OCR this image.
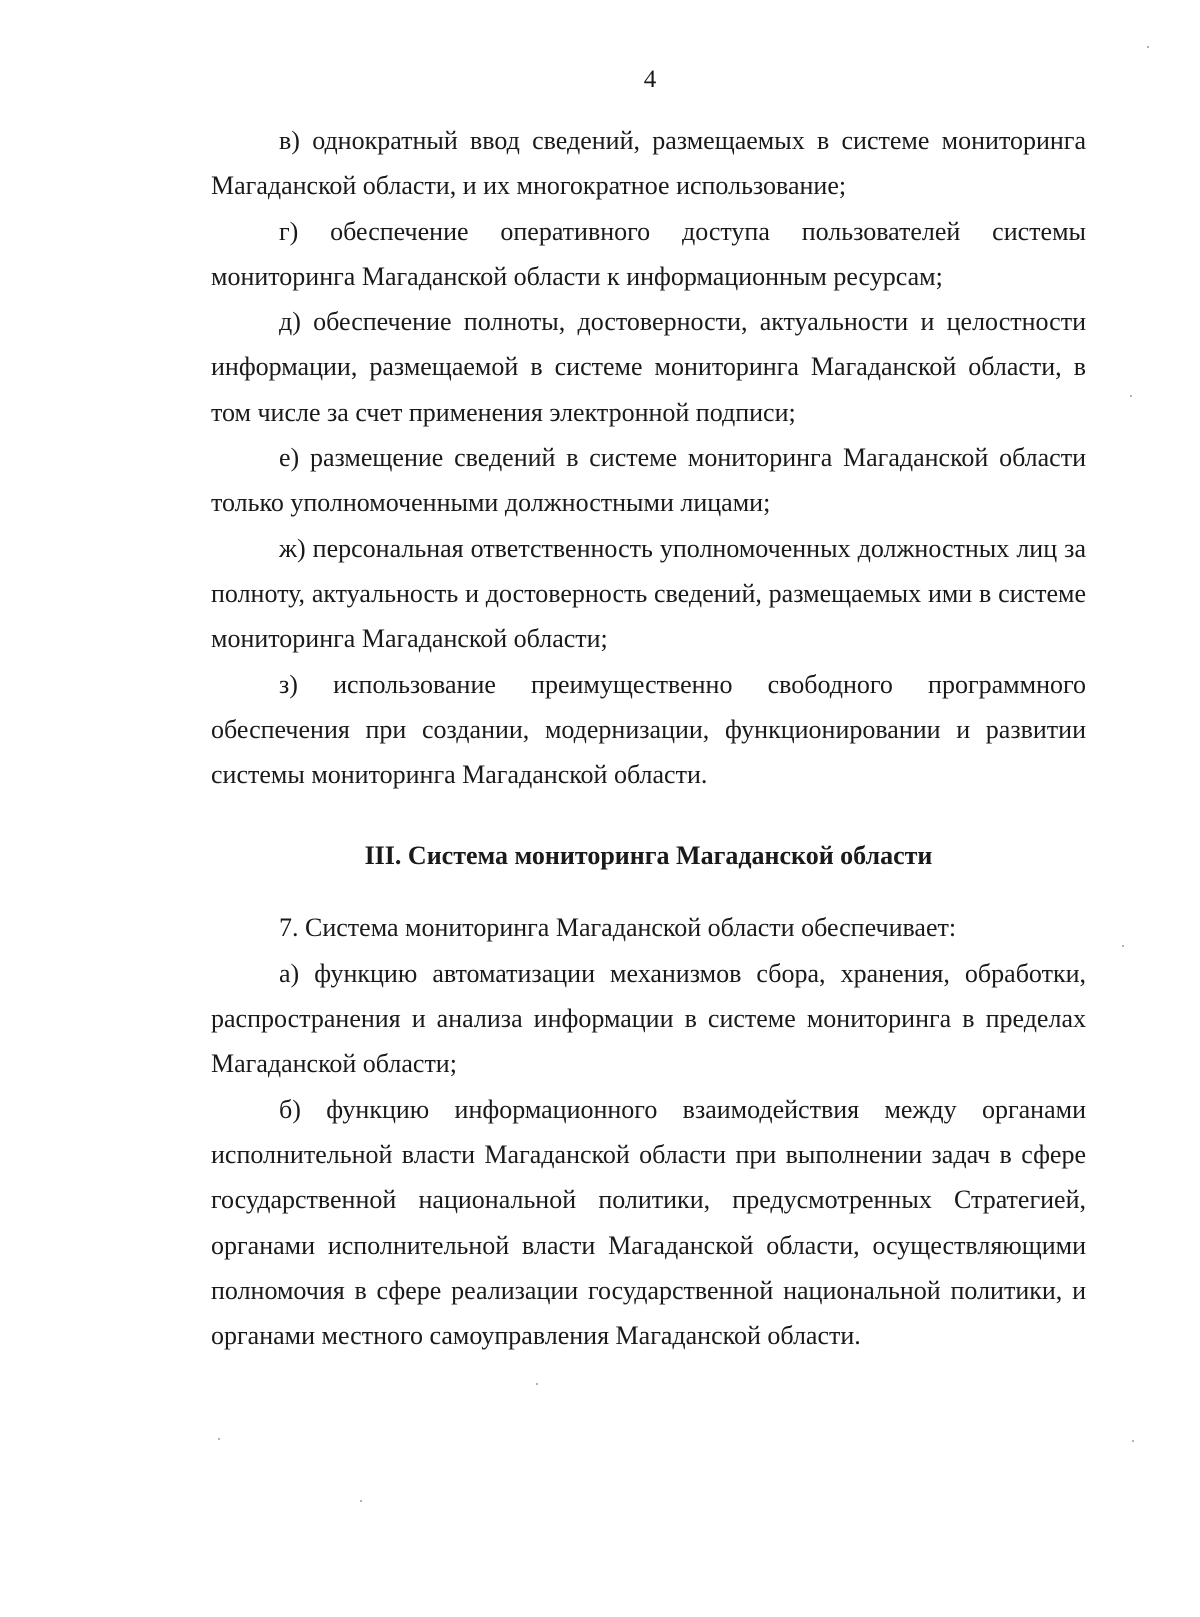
4

в) однократный ввод сведений, размещаемых в системе мониторинга Магаданской области, и их многократное использование;

г) обеспечение оперативного доступа пользователей системы мониторинга Магаданской области к информационным ресурсам;

д) обеспечение полноты, достоверности, актуальности и целостности информации, размещаемой в системе мониторинга Магаданской области, в том числе за счет применения электронной подписи;

е) размещение сведений в системе мониторинга Магаданской области только уполномоченными должностными лицами;

ж) персональная ответственность уполномоченных должностных лиц за полноту, актуальность и достоверность сведений, размещаемых ими в системе мониторинга Магаданской области;

з) использование преимущественно свободного программного обеспечения при создании, модернизации, функционировании и развитии системы мониторинга Магаданской области.

III. Система мониторинга Магаданской области

7. Система мониторинга Магаданской области обеспечивает:

а) функцию автоматизации механизмов сбора, хранения, обработки, распространения и анализа информации в системе мониторинга в пределах Магаданской области;

б) функцию информационного взаимодействия между органами исполнительной власти Магаданской области при выполнении задач в сфере государственной национальной политики, предусмотренных Стратегией, органами исполнительной власти Магаданской области, осуществляющими полномочия в сфере реализации государственной национальной политики, и органами местного самоуправления Магаданской области.
